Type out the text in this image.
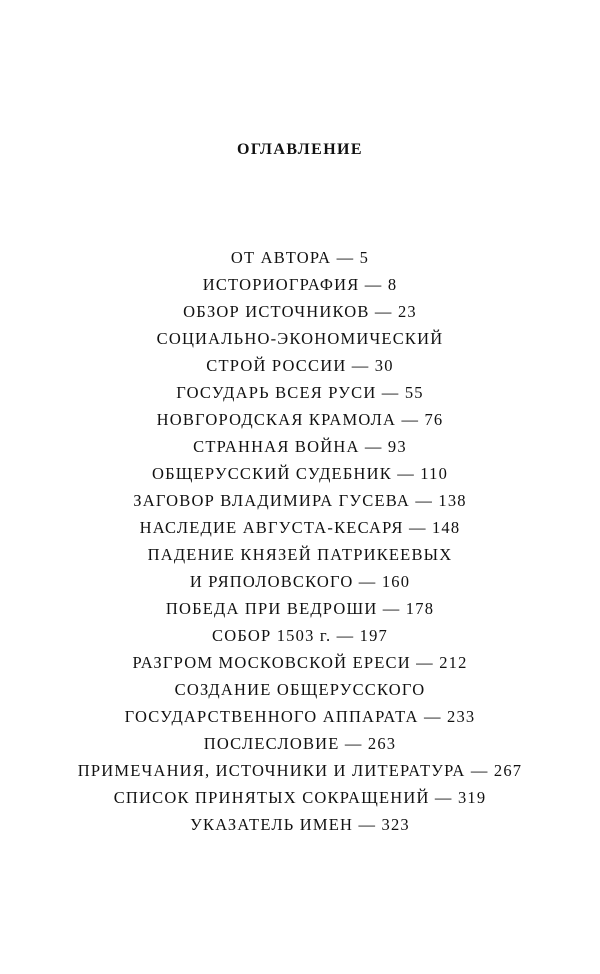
ОГЛАВЛЕНИЕ
ОТ АВТОРА — 5
ИСТОРИОГРАФИЯ — 8
ОБЗОР ИСТОЧНИКОВ — 23
СОЦИАЛЬНО-ЭКОНОМИЧЕСКИЙ
СТРОЙ РОССИИ — 30
ГОСУДАРЬ ВСЕЯ РУСИ — 55
НОВГОРОДСКАЯ КРАМОЛА — 76
СТРАННАЯ ВОЙНА — 93
ОБЩЕРУССКИЙ СУДЕБНИК — 110
ЗАГОВОР ВЛАДИМИРА ГУСЕВА — 138
НАСЛЕДИЕ АВГУСТА-КЕСАРЯ — 148
ПАДЕНИЕ КНЯЗЕЙ ПАТРИКЕЕВЫХ
И РЯПОЛОВСКОГО — 160
ПОБЕДА ПРИ ВЕДРОШИ — 178
СОБОР 1503 г. — 197
РАЗГРОМ МОСКОВСКОЙ ЕРЕСИ — 212
СОЗДАНИЕ ОБЩЕРУССКОГО
ГОСУДАРСТВЕННОГО АППАРАТА — 233
ПОСЛЕСЛОВИЕ — 263
ПРИМЕЧАНИЯ, ИСТОЧНИКИ И ЛИТЕРАТУРА — 267
СПИСОК ПРИНЯТЫХ СОКРАЩЕНИЙ — 319
УКАЗАТЕЛЬ ИМЕН — 323
